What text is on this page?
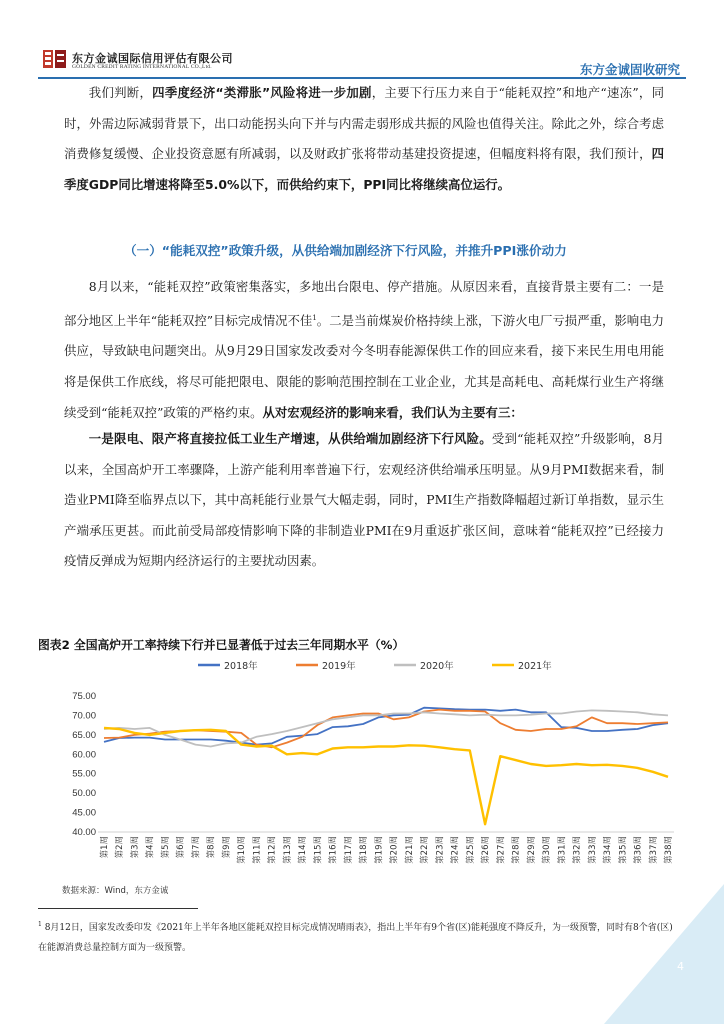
东方金诚国际信用评估有限公司
GOLDEN CREDIT RATING INTERNATIONAL CO.,Ltd.	东方金诚固收研究

我们判断，四季度经济“类滞胀”风险将进一步加剧，主要下行压力来自于“能耗双控”和地产“速冻”，同时，外需边际减弱背景下，出口动能拐头向下并与内需走弱形成共振的风险也值得关注。除此之外，综合考虑消费修复缓慢、企业投资意愿有所减弱，以及财政扩张将带动基建投资提速，但幅度料将有限，我们预计，四季度GDP同比增速将降至5.0%以下，而供给约束下，PPI同比将继续高位运行。

（一）“能耗双控”政策升级，从供给端加剧经济下行风险，并推升PPI涨价动力

8月以来，“能耗双控”政策密集落实，多地出台限电、停产措施。从原因来看，直接背景主要有二：一是部分地区上半年“能耗双控”目标完成情况不佳$^1$。二是当前煤炭价格持续上涨，下游火电厂亏损严重，影响电力供应，导致缺电问题突出。从9月29日国家发改委对今冬明春能源保供工作的回应来看，接下来民生用电用能将是保供工作底线，将尽可能把限电、限能的影响范围控制在工业企业，尤其是高耗电、高耗煤行业生产将继续受到“能耗双控”政策的严格约束。从对宏观经济的影响来看，我们认为主要有三：

一是限电、限产将直接拉低工业生产增速，从供给端加剧经济下行风险。受到“能耗双控”升级影响，8月以来，全国高炉开工率骤降，上游产能利用率普遍下行，宏观经济供给端承压明显。从9月PMI数据来看，制造业PMI降至临界点以下，其中高耗能行业景气大幅走弱，同时，PMI生产指数降幅超过新订单指数，显示生产端承压更甚。而此前受局部疫情影响下降的非制造业PMI在9月重返扩张区间，意味着“能耗双控”已经接力疫情反弹成为短期内经济运行的主要扰动因素。

图表2 全国高炉开工率持续下行并已显著低于过去三年同期水平（%）
40.00
45.00
50.00
55.00
60.00
65.00
70.00
75.00
第1周 第2周 第3周 第4周 第5周 第6周 第7周 第8周 第9周 第10周 第11周 第12周 第13周 第14周 第15周 第16周 第17周 第18周 第19周 第20周 第21周 第22周 第23周 第24周 第25周 第26周 第27周 第28周 第29周 第30周 第31周 第32周 第33周 第34周 第35周 第36周 第37周 第38周
2018年	2019年	2020年	2021年
数据来源：Wind，东方金诚
$^1$ 8月12日，国家发改委印发《2021年上半年各地区能耗双控目标完成情况晴雨表》，指出上半年有9个省(区)能耗强度不降反升，为一级预警，同时有8个省(区)在能源消费总量控制方面为一级预警。
4
